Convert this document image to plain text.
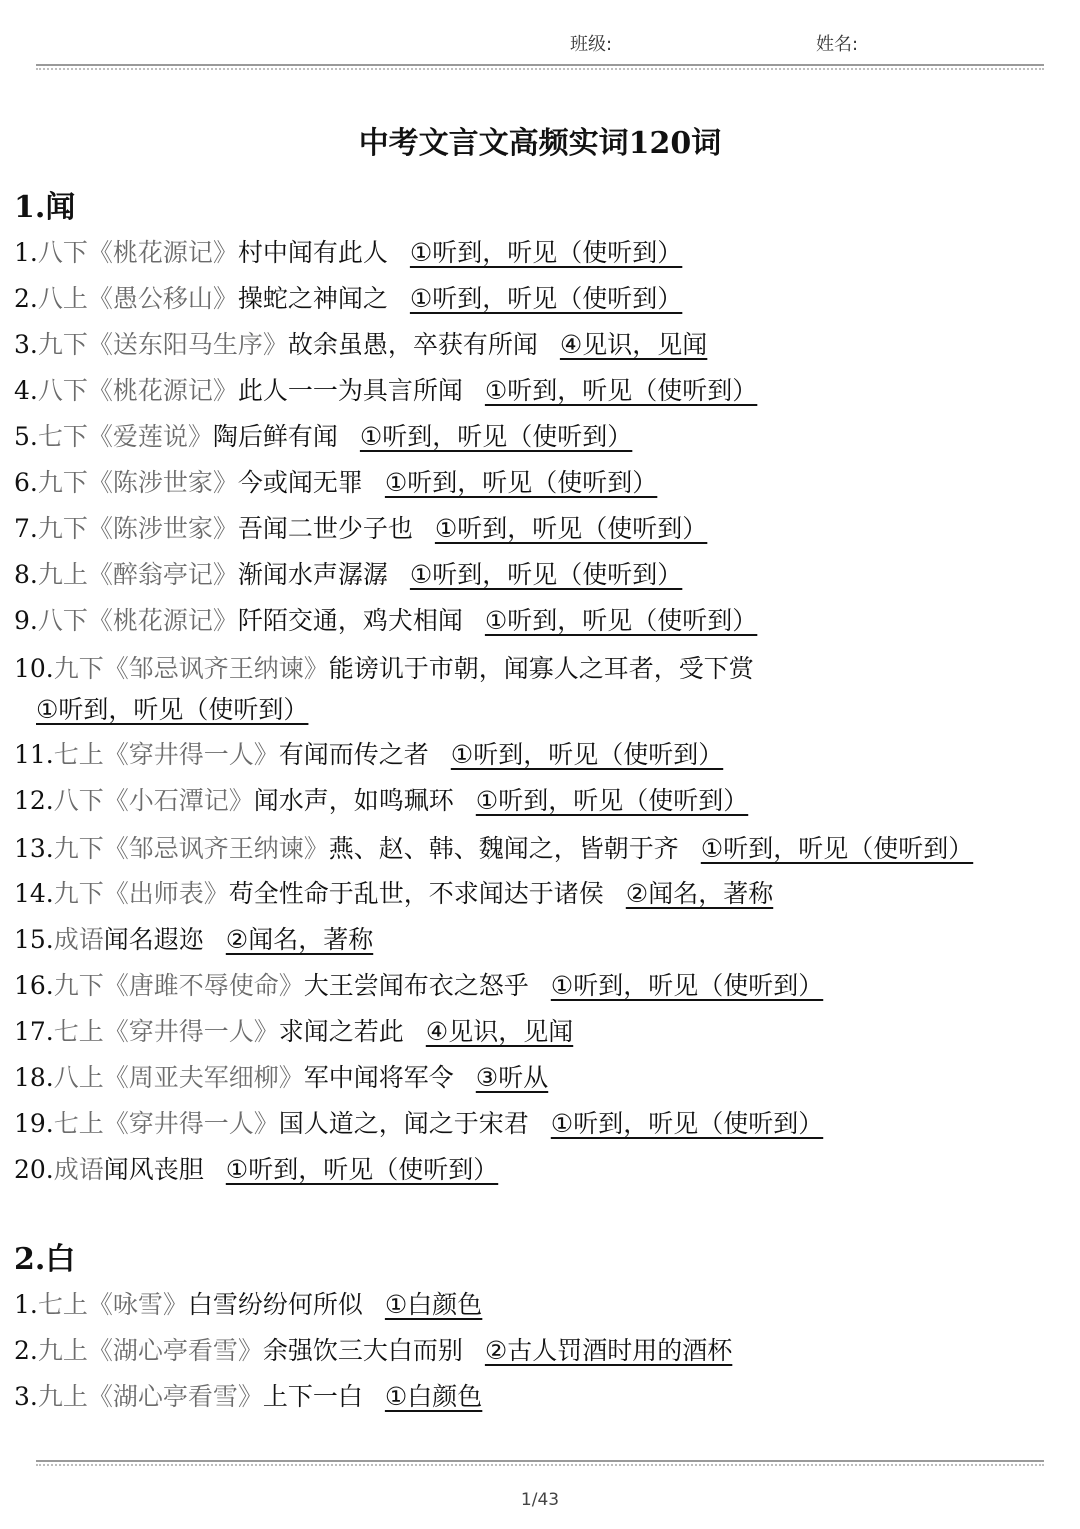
班级:	姓名:
中考文言文高频实词120词
1.闻
1.八下《桃花源记》村中闻有此人 ①听到，听见（使听到）
2.八上《愚公移山》操蛇之神闻之 ①听到，听见（使听到）
3.九下《送东阳马生序》故余虽愚，卒获有所闻 ④见识，见闻
4.八下《桃花源记》此人一一为具言所闻 ①听到，听见（使听到）
5.七下《爱莲说》陶后鲜有闻 ①听到，听见（使听到）
6.九下《陈涉世家》今或闻无罪 ①听到，听见（使听到）
7.九下《陈涉世家》吾闻二世少子也 ①听到，听见（使听到）
8.九上《醉翁亭记》渐闻水声潺潺 ①听到，听见（使听到）
9.八下《桃花源记》阡陌交通，鸡犬相闻 ①听到，听见（使听到）
10.九下《邹忌讽齐王纳谏》能谤讥于市朝，闻寡人之耳者，受下赏①听到，听见（使听到）
11.七上《穿井得一人》有闻而传之者 ①听到，听见（使听到）
12.八下《小石潭记》闻水声，如鸣珮环 ①听到，听见（使听到）
13.九下《邹忌讽齐王纳谏》燕、赵、韩、魏闻之，皆朝于齐 ①听到，听见（使听到）
14.九下《出师表》苟全性命于乱世，不求闻达于诸侯 ②闻名，著称
15.成语闻名遐迩 ②闻名，著称
16.九下《唐雎不辱使命》大王尝闻布衣之怒乎 ①听到，听见（使听到）
17.七上《穿井得一人》求闻之若此 ④见识，见闻
18.八上《周亚夫军细柳》军中闻将军令 ③听从
19.七上《穿井得一人》国人道之，闻之于宋君 ①听到，听见（使听到）
20.成语闻风丧胆 ①听到，听见（使听到）
2.白
1.七上《咏雪》白雪纷纷何所似 ①白颜色
2.九上《湖心亭看雪》余强饮三大白而别 ②古人罚酒时用的酒杯
3.九上《湖心亭看雪》上下一白 ①白颜色
1/43
